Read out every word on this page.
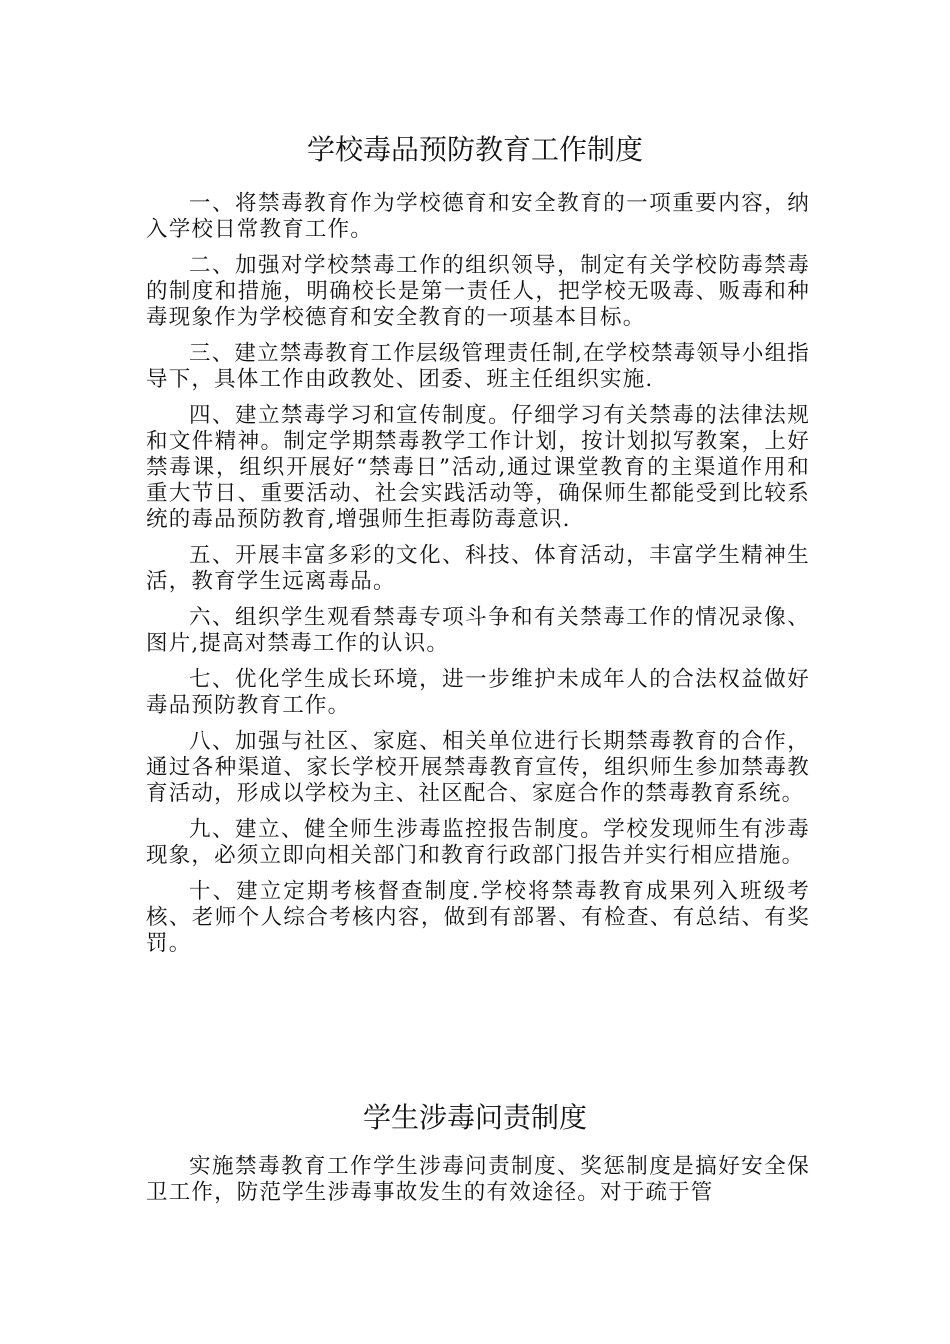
学校毒品预防教育工作制度

一、将禁毒教育作为学校德育和安全教育的一项重要内容，纳入学校日常教育工作。

二、加强对学校禁毒工作的组织领导，制定有关学校防毒禁毒的制度和措施，明确校长是第一责任人，把学校无吸毒、贩毒和种毒现象作为学校德育和安全教育的一项基本目标。

三、建立禁毒教育工作层级管理责任制,在学校禁毒领导小组指导下，具体工作由政教处、团委、班主任组织实施.

四、建立禁毒学习和宣传制度。仔细学习有关禁毒的法律法规和文件精神。制定学期禁毒教学工作计划，按计划拟写教案，上好禁毒课，组织开展好“禁毒日”活动,通过课堂教育的主渠道作用和重大节日、重要活动、社会实践活动等，确保师生都能受到比较系统的毒品预防教育,增强师生拒毒防毒意识.

五、开展丰富多彩的文化、科技、体育活动，丰富学生精神生活，教育学生远离毒品。

六、组织学生观看禁毒专项斗争和有关禁毒工作的情况录像、图片,提高对禁毒工作的认识。

七、优化学生成长环境，进一步维护未成年人的合法权益做好毒品预防教育工作。

八、加强与社区、家庭、相关单位进行长期禁毒教育的合作，通过各种渠道、家长学校开展禁毒教育宣传，组织师生参加禁毒教育活动，形成以学校为主、社区配合、家庭合作的禁毒教育系统。

九、建立、健全师生涉毒监控报告制度。学校发现师生有涉毒现象，必须立即向相关部门和教育行政部门报告并实行相应措施。

十、建立定期考核督查制度.学校将禁毒教育成果列入班级考核、老师个人综合考核内容，做到有部署、有检查、有总结、有奖罚。

学生涉毒问责制度

实施禁毒教育工作学生涉毒问责制度、奖惩制度是搞好安全保卫工作，防范学生涉毒事故发生的有效途径。对于疏于管
